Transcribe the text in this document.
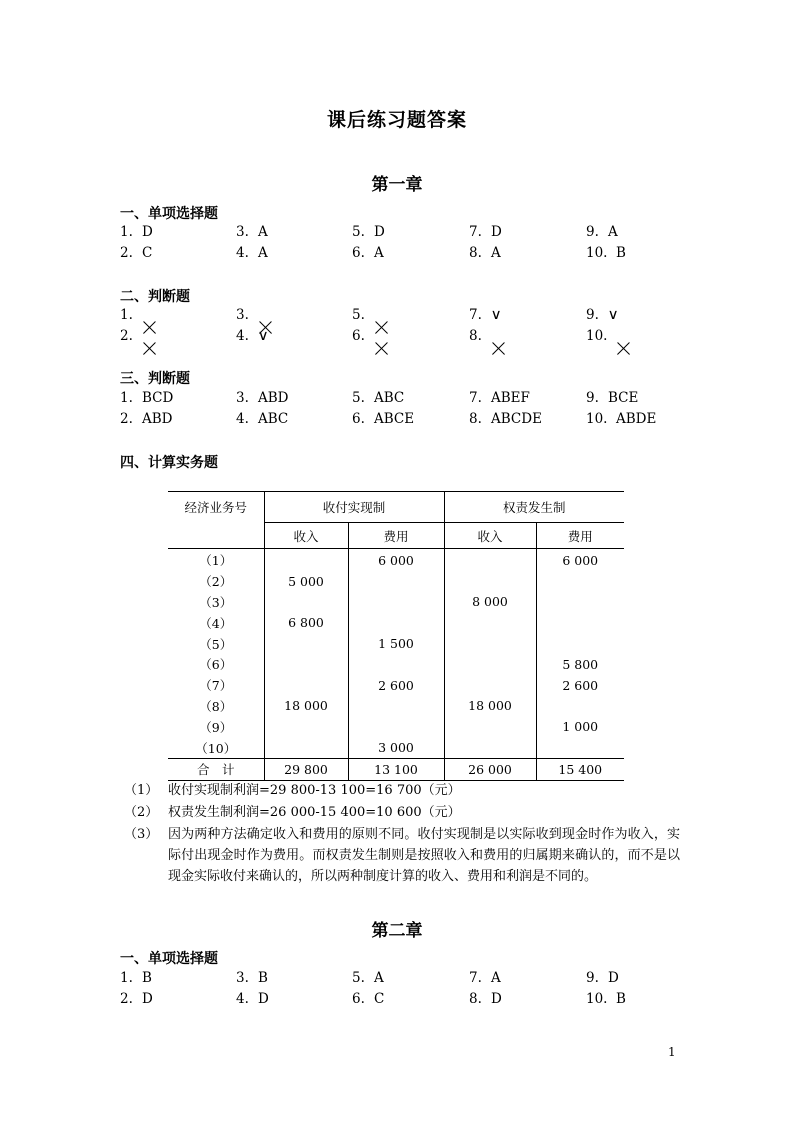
课后练习题答案
第一章
一、单项选择题
1. D	3. A	5. D	7. D	9. A
2. C	4. A	6. A	8. A	10. B
二、判断题
1.	3.	5.	7. ∨	9. ∨
2.	4. ∨	6.	8.	10.
三、判断题
1. BCD	3. ABD	5. ABC	7. ABEF	9. BCE
2. ABD	4. ABC	6. ABCE	8. ABCDE	10. ABDE
四、计算实务题
经济业务号	收付实现制		权责发生制	
	收入	费用	收入	费用
（1）		6 000		6 000
（2）	5 000			
（3）			8 000	
（4）	6 800			
（5）		1 500		
（6）				5 800
（7）		2 600		2 600
（8）	18 000		18 000	
（9）				1 000
（10）		3 000		
合　计	29 800	13 100	26 000	15 400
（1） 收付实现制利润=29 800-13 100=16 700（元）
（2） 权责发生制利润=26 000-15 400=10 600（元）
（3） 因为两种方法确定收入和费用的原则不同。收付实现制是以实际收到现金时作为收入，实际付出现金时作为费用。而权责发生制则是按照收入和费用的归属期来确认的，而不是以现金实际收付来确认的，所以两种制度计算的收入、费用和利润是不同的。
第二章
一、单项选择题
1. B	3. B	5. A	7. A	9. D
2. D	4. D	6. C	8. D	10. B
1
